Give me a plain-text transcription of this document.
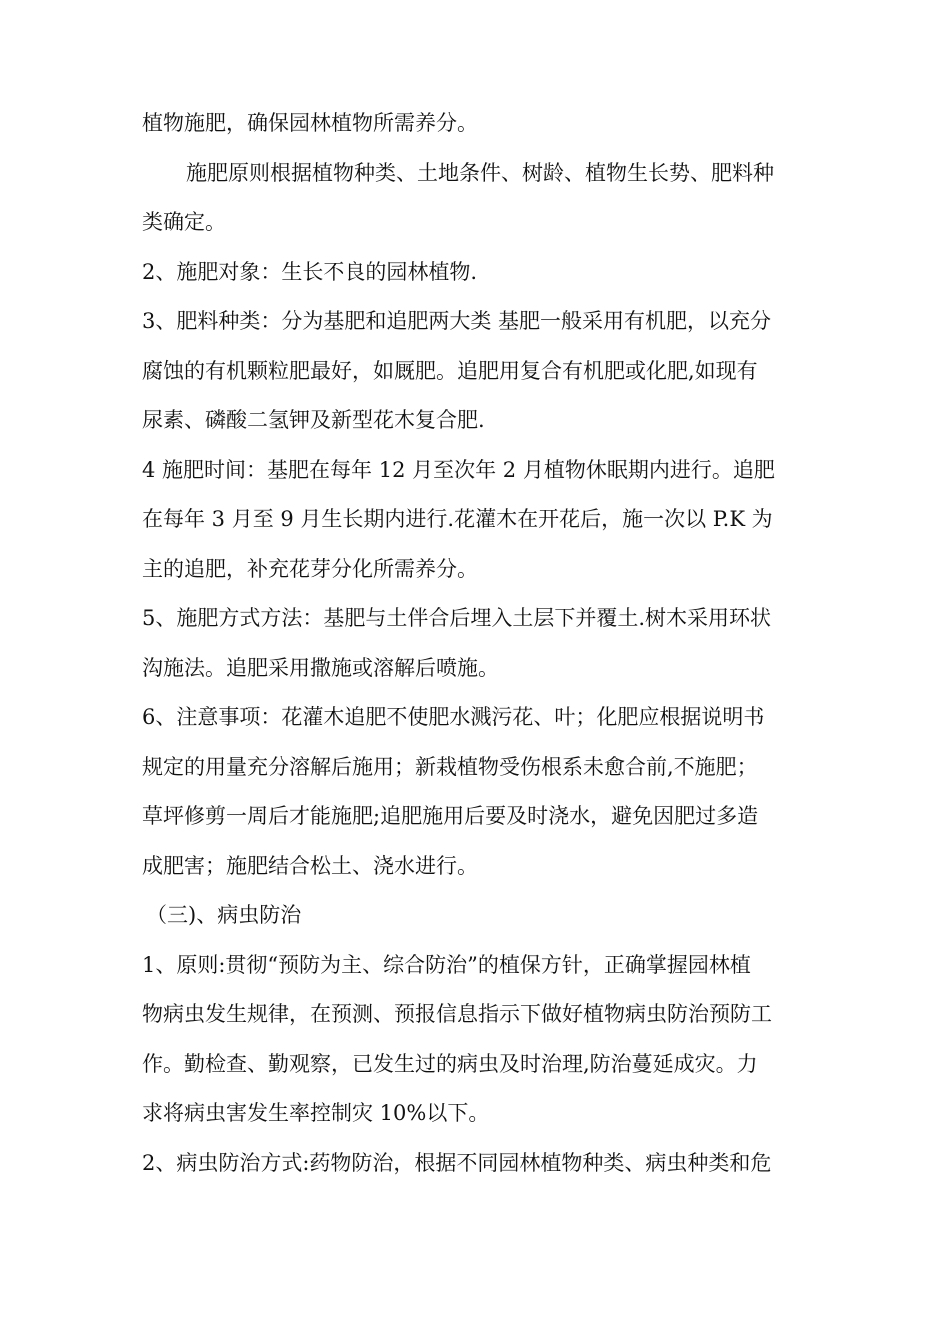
植物施肥，确保园林植物所需养分。
施肥原则根据植物种类、土地条件、树龄、植物生长势、肥料种
类确定。
2、施肥对象：生长不良的园林植物.
3、肥料种类：分为基肥和追肥两大类 基肥一般采用有机肥，以充分
腐蚀的有机颗粒肥最好，如厩肥。追肥用复合有机肥或化肥,如现有
尿素、磷酸二氢钾及新型花木复合肥.
4 施肥时间：基肥在每年 12 月至次年 2 月植物休眠期内进行。追肥
在每年 3 月至 9 月生长期内进行.花灌木在开花后，施一次以 P.K 为
主的追肥，补充花芽分化所需养分。
5、施肥方式方法：基肥与土伴合后埋入土层下并覆土.树木采用环状
沟施法。追肥采用撒施或溶解后喷施。
6、注意事项：花灌木追肥不使肥水溅污花、叶；化肥应根据说明书
规定的用量充分溶解后施用；新栽植物受伤根系未愈合前,不施肥；
草坪修剪一周后才能施肥;追肥施用后要及时浇水，避免因肥过多造
成肥害；施肥结合松土、浇水进行。
（三)、病虫防治
1、原则:贯彻“预防为主、综合防治”的植保方针，正确掌握园林植
物病虫发生规律，在预测、预报信息指示下做好植物病虫防治预防工
作。勤检查、勤观察，已发生过的病虫及时治理,防治蔓延成灾。力
求将病虫害发生率控制灾 10%以下。
2、病虫防治方式:药物防治，根据不同园林植物种类、病虫种类和危
